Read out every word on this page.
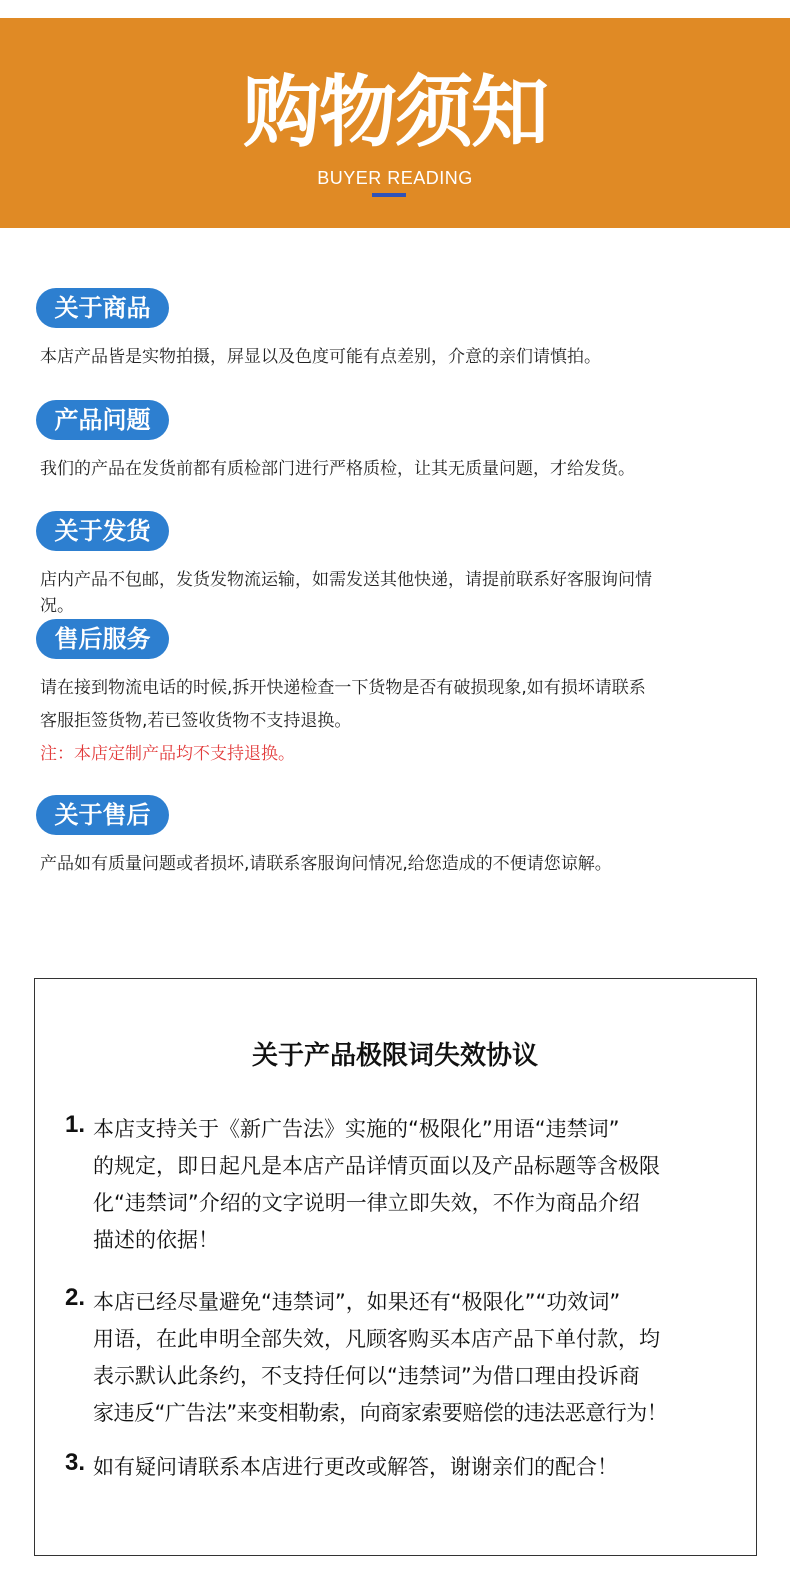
购物须知
BUYER READING
关于商品
本店产品皆是实物拍摄，屏显以及色度可能有点差别，介意的亲们请慎拍。
产品问题
我们的产品在发货前都有质检部门进行严格质检，让其无质量问题，才给发货。
关于发货
店内产品不包邮，发货发物流运输，如需发送其他快递，请提前联系好客服询问情
况。
售后服务
请在接到物流电话的时候,拆开快递检查一下货物是否有破损现象,如有损坏请联系
客服拒签货物,若已签收货物不支持退换。
注：本店定制产品均不支持退换。
关于售后
产品如有质量问题或者损坏,请联系客服询问情况,给您造成的不便请您谅解。
关于产品极限词失效协议
1. 本店支持关于《新广告法》实施的“极限化”用语“违禁词”
的规定，即日起凡是本店产品详情页面以及产品标题等含极限
化“违禁词”介绍的文字说明一律立即失效，不作为商品介绍
描述的依据！
2. 本店已经尽量避免“违禁词”，如果还有“极限化”“功效词”
用语，在此申明全部失效，凡顾客购买本店产品下单付款，均
表示默认此条约，不支持任何以“违禁词”为借口理由投诉商
家违反“广告法”来变相勒索，向商家索要赔偿的违法恶意行为！
3. 如有疑问请联系本店进行更改或解答，谢谢亲们的配合！
